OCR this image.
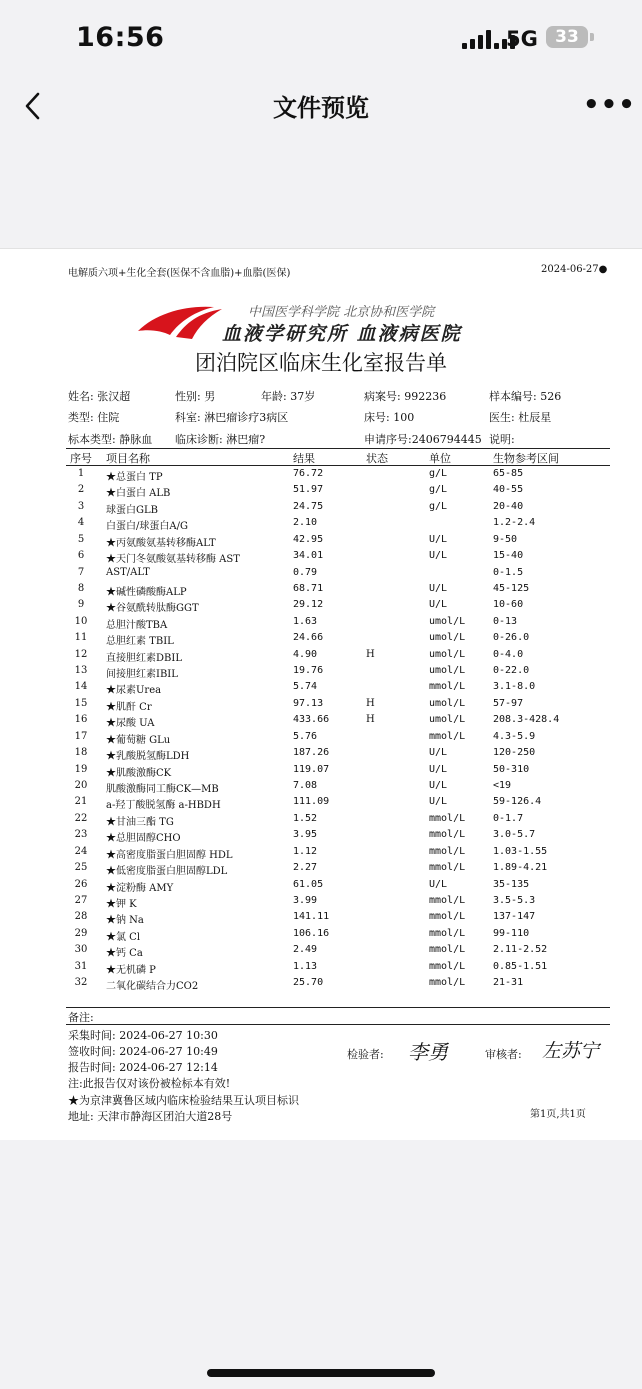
16:56	5G	33
文件预览	•••
电解质六项+生化全套(医保不含血脂)+血脂(医保)	2024-06-27●
中国医学科学院 北京协和医学院
血液学研究所 血液病医院
团泊院区临床生化室报告单
姓名: 张汉超	性别: 男	年龄: 37岁	病案号: 992236	样本编号: 526
类型: 住院	科室: 淋巴瘤诊疗3病区	床号: 100	医生: 杜辰星
标本类型: 静脉血 临床诊断: 淋巴瘤?	申请序号:2406794445 说明:
序号 项目名称	结果	状态	单位	生物参考区间
1	★总蛋白 TP	76.72	g/L	65-85
2	★白蛋白 ALB	51.97	g/L	40-55
3	球蛋白GLB	24.75	g/L	20-40
4	白蛋白/球蛋白A/G	2.10	1.2-2.4
5	★丙氨酸氨基转移酶ALT	42.95	U/L	9-50
6	★天门冬氨酸氨基转移酶 AST	34.01	U/L	15-40
7	AST/ALT	0.79	0-1.5
8	★碱性磷酸酶ALP	68.71	U/L	45-125
9	★谷氨酰转肽酶GGT	29.12	U/L	10-60
10	总胆汁酸TBA	1.63	umol/L	0-13
11	总胆红素 TBIL	24.66	umol/L	0-26.0
12	直接胆红素DBIL	4.90	H	umol/L	0-4.0
13	间接胆红素IBIL	19.76	umol/L	0-22.0
14	★尿素Urea	5.74	mmol/L	3.1-8.0
15	★肌酐 Cr	97.13	H	umol/L	57-97
16	★尿酸 UA	433.66	H	umol/L	208.3-428.4
17	★葡萄糖 GLu	5.76	mmol/L	4.3-5.9
18	★乳酸脱氢酶LDH	187.26	U/L	120-250
19	★肌酸激酶CK	119.07	U/L	50-310
20	肌酸激酶同工酶CK—MB	7.08	U/L	<19
21	a-羟丁酸脱氢酶 a-HBDH	111.09	U/L	59-126.4
22	★甘油三酯 TG	1.52	mmol/L	0-1.7
23	★总胆固醇CHO	3.95	mmol/L	3.0-5.7
24	★高密度脂蛋白胆固醇 HDL	1.12	mmol/L	1.03-1.55
25	★低密度脂蛋白胆固醇LDL	2.27	mmol/L	1.89-4.21
26	★淀粉酶 AMY	61.05	U/L	35-135
27	★钾 K	3.99	mmol/L	3.5-5.3
28	★钠 Na	141.11	mmol/L	137-147
29	★氯 Cl	106.16	mmol/L	99-110
30	★钙 Ca	2.49	mmol/L	2.11-2.52
31	★无机磷 P	1.13	mmol/L	0.85-1.51
32	二氧化碳结合力CO2	25.70	mmol/L	21-31
备注:
采集时间: 2024-06-27 10:30
签收时间: 2024-06-27 10:49
报告时间: 2024-06-27 12:14
注:此报告仅对该份被检标本有效!
★为京津冀鲁区域内临床检验结果互认项目标识
地址: 天津市静海区团泊大道28号
检验者: 李勇	审核者: 左苏宁
第1页,共1页
